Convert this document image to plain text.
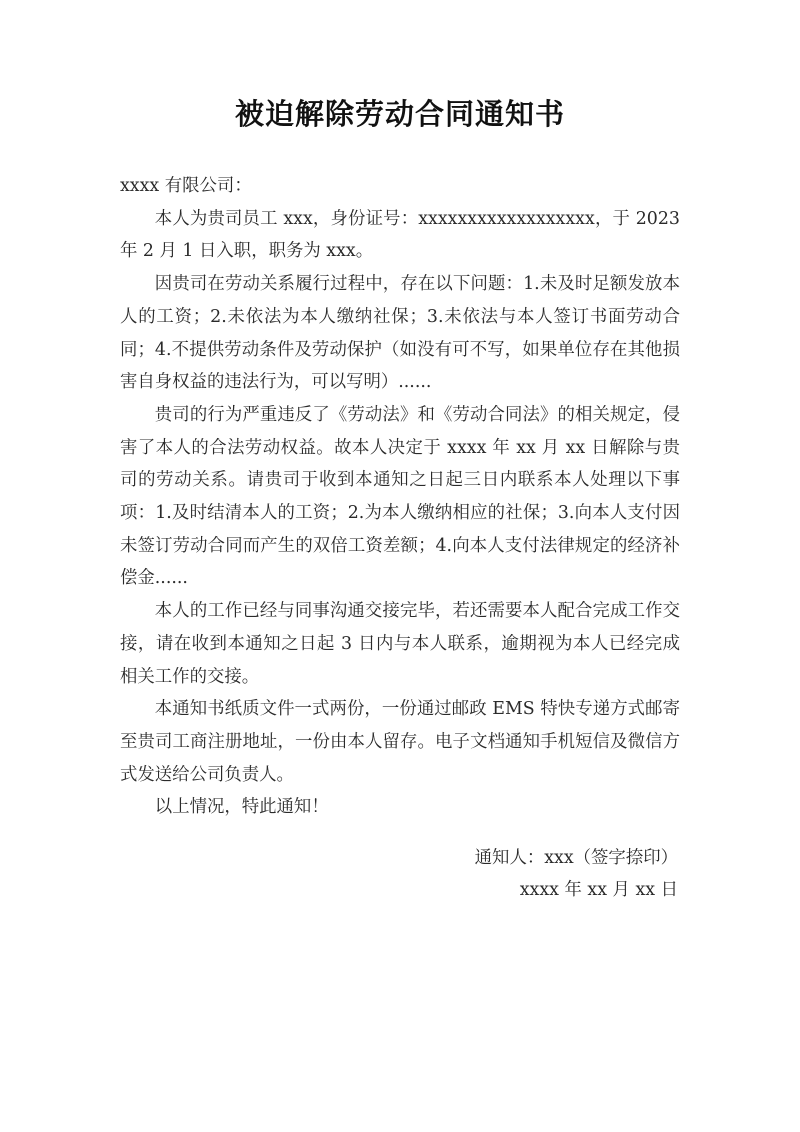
被迫解除劳动合同通知书

xxxx 有限公司：

本人为贵司员工 xxx，身份证号：xxxxxxxxxxxxxxxxxx，于 2023 年 2 月 1 日入职，职务为 xxx。

因贵司在劳动关系履行过程中，存在以下问题：1.未及时足额发放本人的工资；2.未依法为本人缴纳社保；3.未依法与本人签订书面劳动合同；4.不提供劳动条件及劳动保护（如没有可不写，如果单位存在其他损害自身权益的违法行为，可以写明）......

贵司的行为严重违反了《劳动法》和《劳动合同法》的相关规定，侵害了本人的合法劳动权益。故本人决定于 xxxx 年 xx 月 xx 日解除与贵司的劳动关系。请贵司于收到本通知之日起三日内联系本人处理以下事项：1.及时结清本人的工资；2.为本人缴纳相应的社保；3.向本人支付因未签订劳动合同而产生的双倍工资差额；4.向本人支付法律规定的经济补偿金......

本人的工作已经与同事沟通交接完毕，若还需要本人配合完成工作交接，请在收到本通知之日起 3 日内与本人联系，逾期视为本人已经完成相关工作的交接。

本通知书纸质文件一式两份，一份通过邮政 EMS 特快专递方式邮寄至贵司工商注册地址，一份由本人留存。电子文档通知手机短信及微信方式发送给公司负责人。

以上情况，特此通知！

通知人：xxx（签字捺印）
xxxx 年 xx 月 xx 日
